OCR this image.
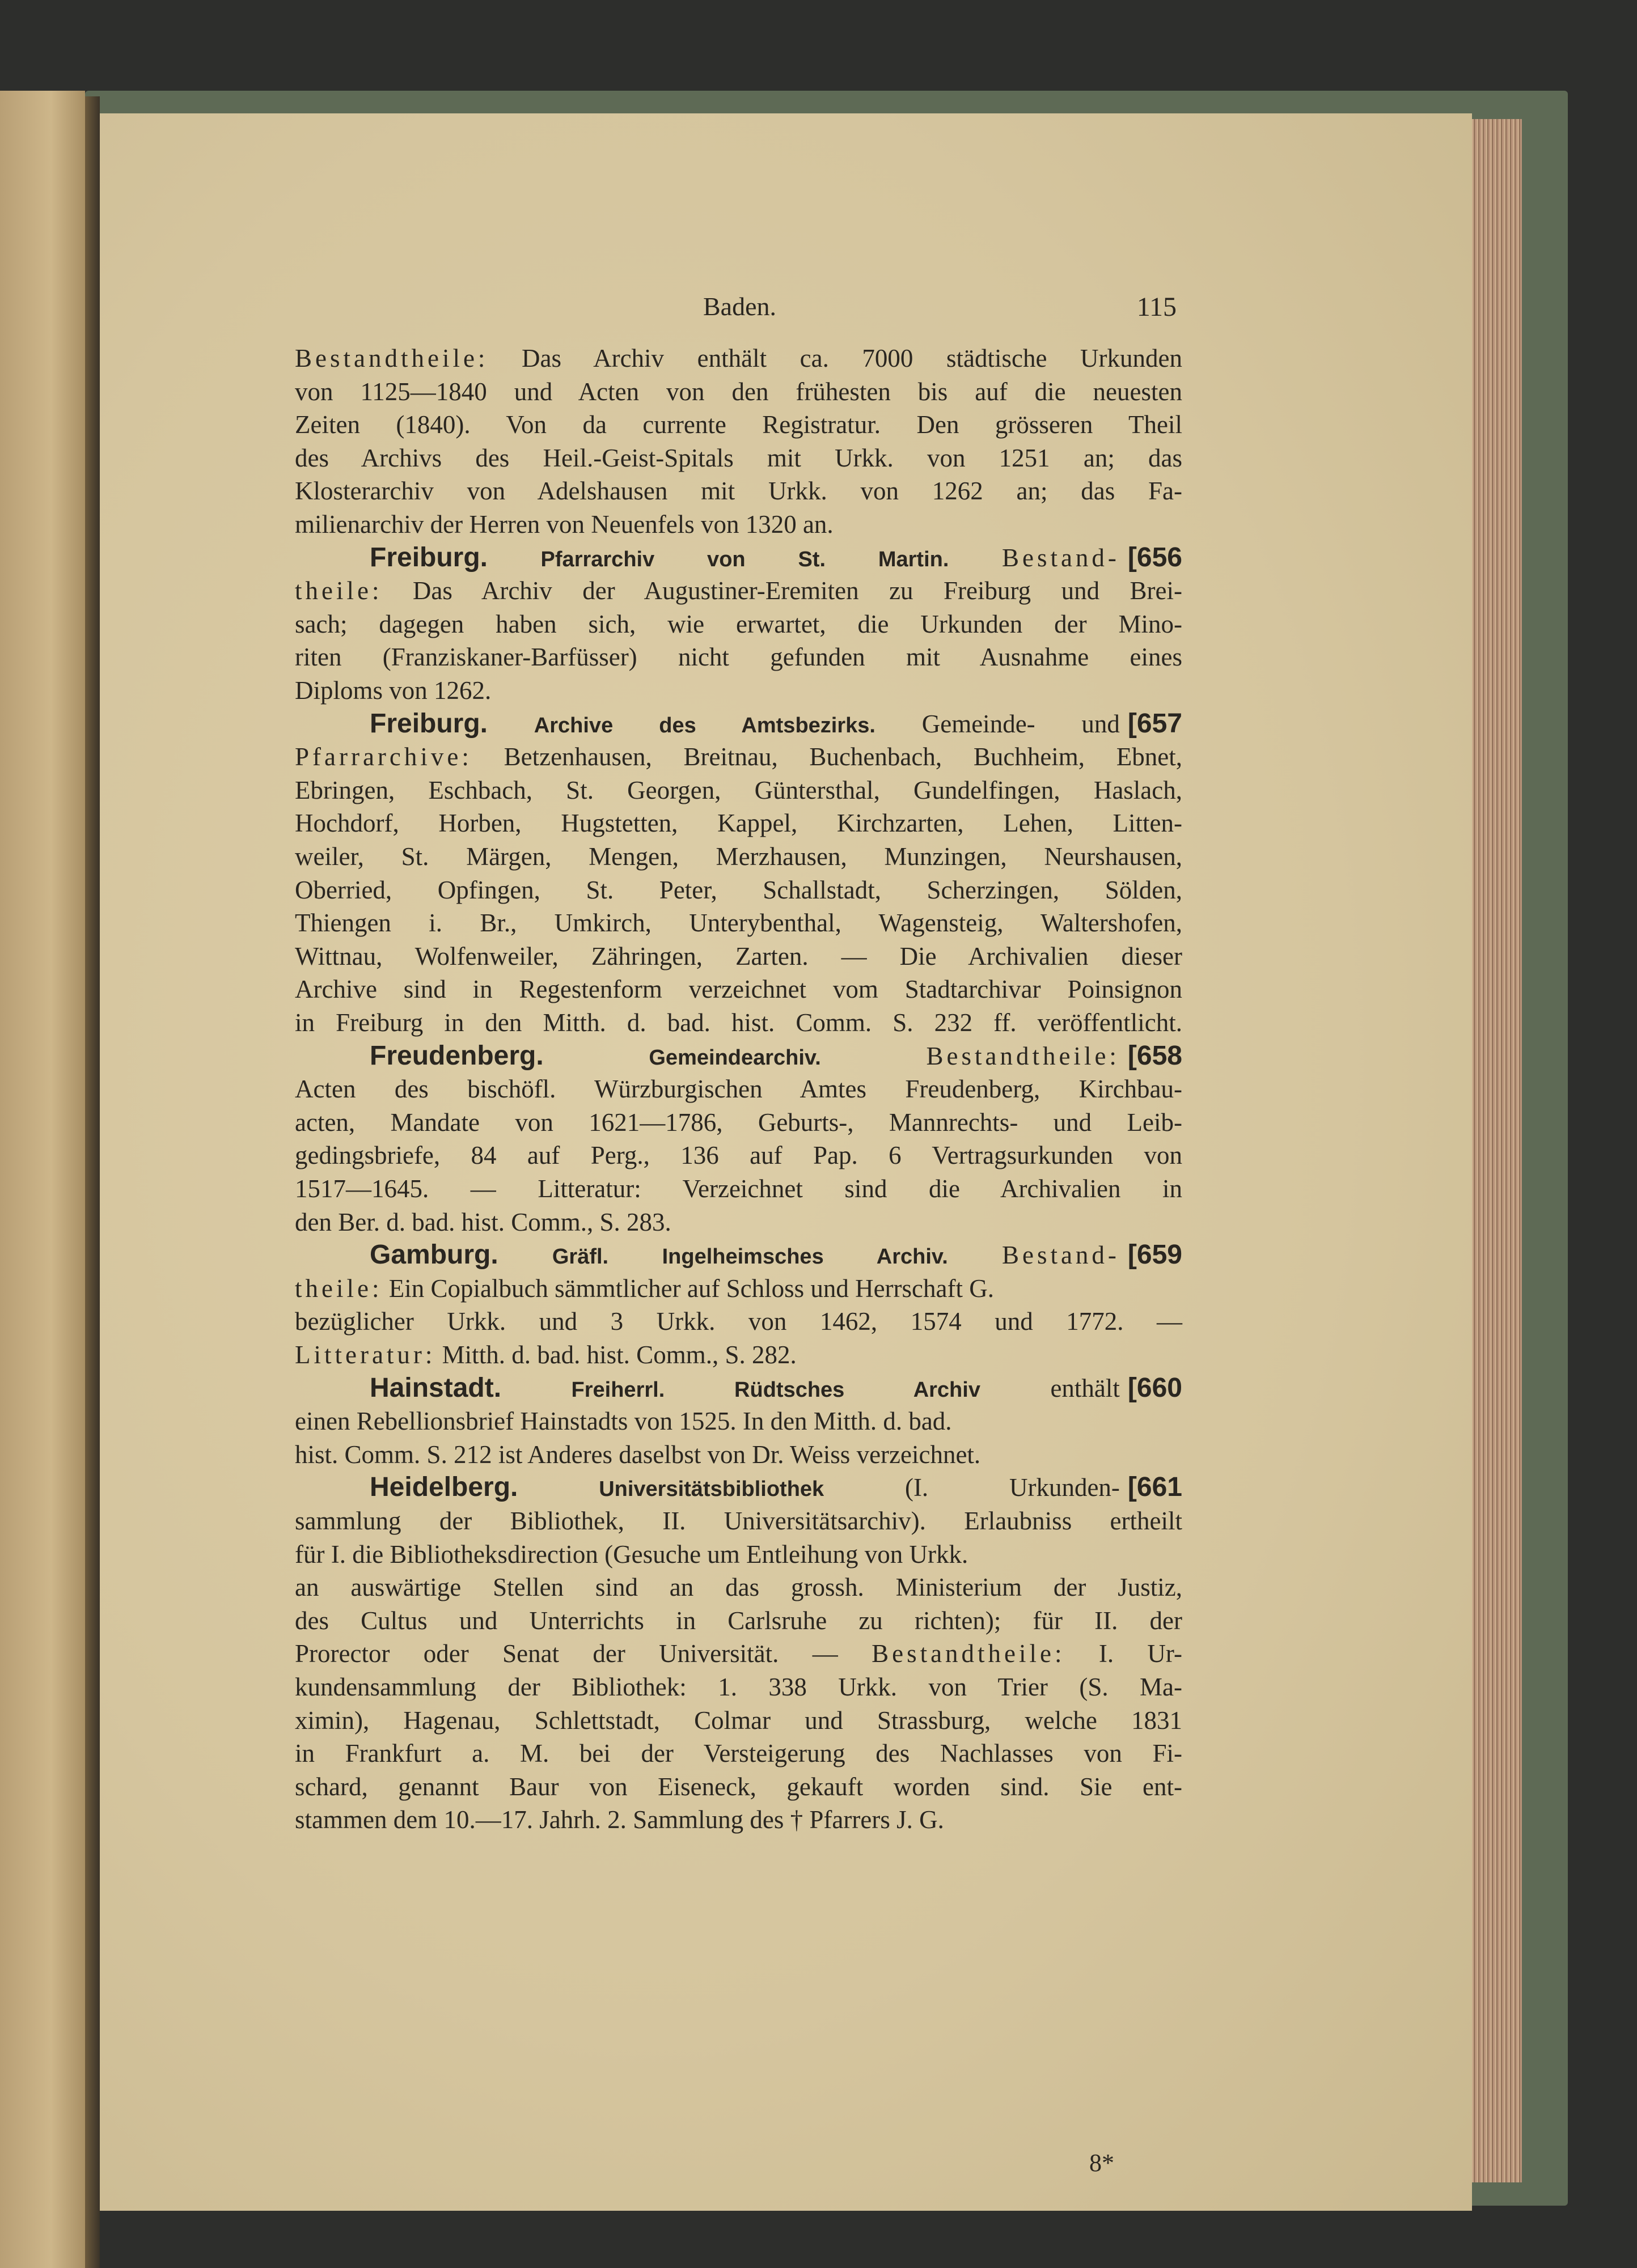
Baden.	115
Bestandtheile: Das Archiv enthält ca. 7000 städtische Urkunden
von 1125—1840 und Acten von den frühesten bis auf die neuesten
Zeiten (1840). Von da currente Registratur. Den grösseren Theil
des Archivs des Heil.-Geist-Spitals mit Urkk. von 1251 an; das
Klosterarchiv von Adelshausen mit Urkk. von 1262 an; das Fa-
milienarchiv der Herren von Neuenfels von 1320 an.
Freiburg. Pfarrarchiv von St. Martin. Bestand- [656
theile: Das Archiv der Augustiner-Eremiten zu Freiburg und Brei-
sach; dagegen haben sich, wie erwartet, die Urkunden der Mino-
riten (Franziskaner-Barfüsser) nicht gefunden mit Ausnahme eines
Diploms von 1262.
Freiburg. Archive des Amtsbezirks. Gemeinde- und [657
Pfarrarchive: Betzenhausen, Breitnau, Buchenbach, Buchheim, Ebnet,
Ebringen, Eschbach, St. Georgen, Güntersthal, Gundelfingen, Haslach,
Hochdorf, Horben, Hugstetten, Kappel, Kirchzarten, Lehen, Litten-
weiler, St. Märgen, Mengen, Merzhausen, Munzingen, Neurshausen,
Oberried, Opfingen, St. Peter, Schallstadt, Scherzingen, Sölden,
Thiengen i. Br., Umkirch, Unterybenthal, Wagensteig, Waltershofen,
Wittnau, Wolfenweiler, Zähringen, Zarten. — Die Archivalien dieser
Archive sind in Regestenform verzeichnet vom Stadtarchivar Poinsignon
in Freiburg in den Mitth. d. bad. hist. Comm. S. 232 ff. veröffentlicht.
Freudenberg.	Gemeindearchiv.	Bestandtheile: [658
Acten des bischöfl. Würzburgischen Amtes Freudenberg, Kirchbau-
acten, Mandate von 1621—1786, Geburts-, Mannrechts- und Leib-
gedingsbriefe, 84 auf Perg., 136 auf Pap. 6 Vertragsurkunden von
1517—1645. — Litteratur: Verzeichnet sind die Archivalien in
den Ber. d. bad. hist. Comm., S. 283.
Gamburg.	Gräfl. Ingelheimsches Archiv. Bestand- [659
theile: Ein Copialbuch sämmtlicher auf Schloss und Herrschaft G.
bezüglicher Urkk. und 3 Urkk. von 1462, 1574 und 1772. —
Litteratur: Mitth. d. bad. hist. Comm., S. 282.
Hainstadt.	Freiherrl. Rüdtsches Archiv enthält [660
einen Rebellionsbrief Hainstadts von 1525. In den Mitth. d. bad.
hist. Comm. S. 212 ist Anderes daselbst von Dr. Weiss verzeichnet.
Heidelberg.	Universitätsbibliothek (I. Urkunden- [661
sammlung der Bibliothek, II. Universitätsarchiv). Erlaubniss ertheilt
für I. die Bibliotheksdirection (Gesuche um Entleihung von Urkk.
an auswärtige Stellen sind an das grossh. Ministerium der Justiz,
des Cultus und Unterrichts in Carlsruhe zu richten); für II. der
Prorector oder Senat der Universität. — Bestandtheile: I. Ur-
kundensammlung der Bibliothek: 1. 338 Urkk. von Trier (S. Ma-
ximin), Hagenau, Schlettstadt, Colmar und Strassburg, welche 1831
in Frankfurt a. M. bei der Versteigerung des Nachlasses von Fi-
schard, genannt Baur von Eiseneck, gekauft worden sind. Sie ent-
stammen dem 10.—17. Jahrh. 2. Sammlung des † Pfarrers J. G.
8*
